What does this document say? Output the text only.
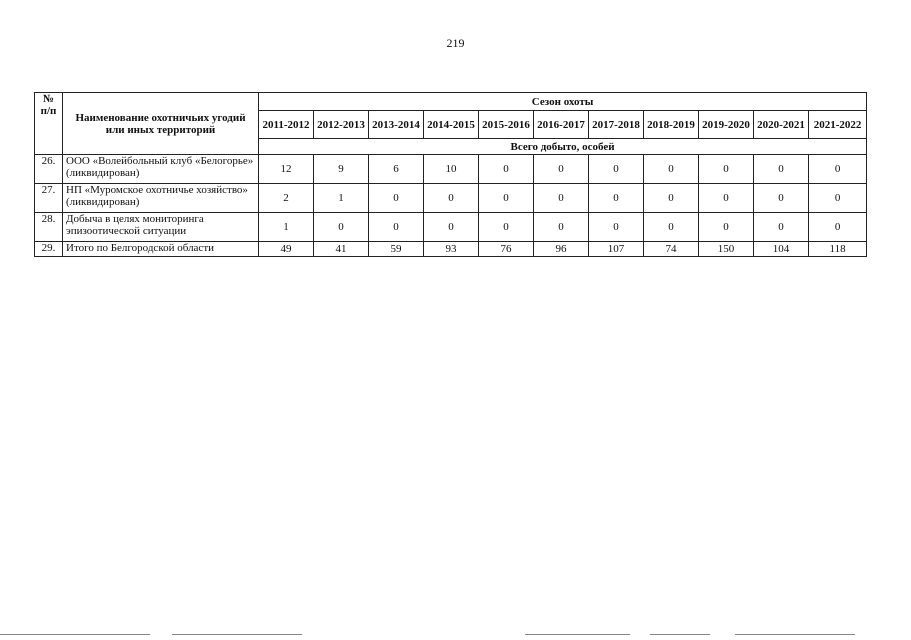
219
№
п/п	Наименование охотничьих угодий или иных территорий	Сезон охоты										
		2011-2012	2012-2013	2013-2014	2014-2015	2015-2016	2016-2017	2017-2018	2018-2019	2019-2020	2020-2021	2021-2022
		Всего добыто, особей										
26.	ООО «Волейбольный клуб «Белогорье» (ликвидирован)	12	9	6	10	0	0	0	0	0	0	0
27.	НП «Муромское охотничье хозяйство» (ликвидирован)	2	1	0	0	0	0	0	0	0	0	0
28.	Добыча в целях мониторинга эпизоотической ситуации	1	0	0	0	0	0	0	0	0	0	0
29.	Итого по Белгородской области	49	41	59	93	76	96	107	74	150	104	118
